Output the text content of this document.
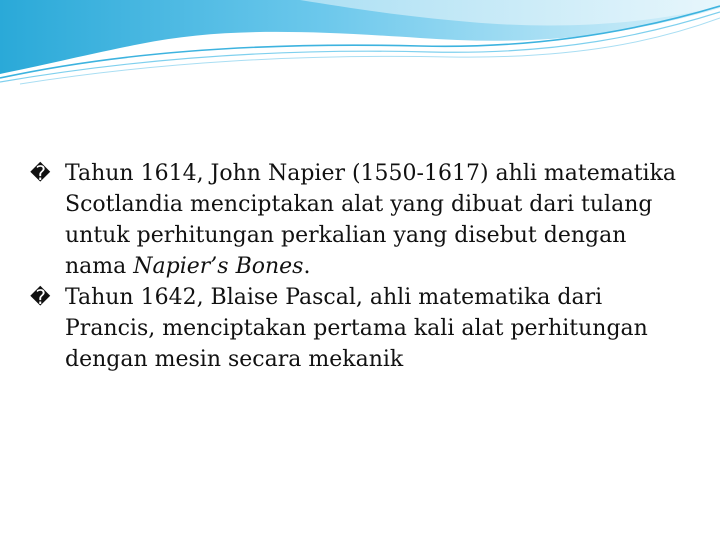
� Tahun 1614, John Napier (1550-1617) ahli matematika Scotlandia menciptakan alat yang dibuat dari tulang untuk perhitungan perkalian yang disebut dengan nama Napier’s Bones.

� Tahun 1642, Blaise Pascal, ahli matematika dari Prancis, menciptakan pertama kali alat perhitungan dengan mesin secara mekanik
